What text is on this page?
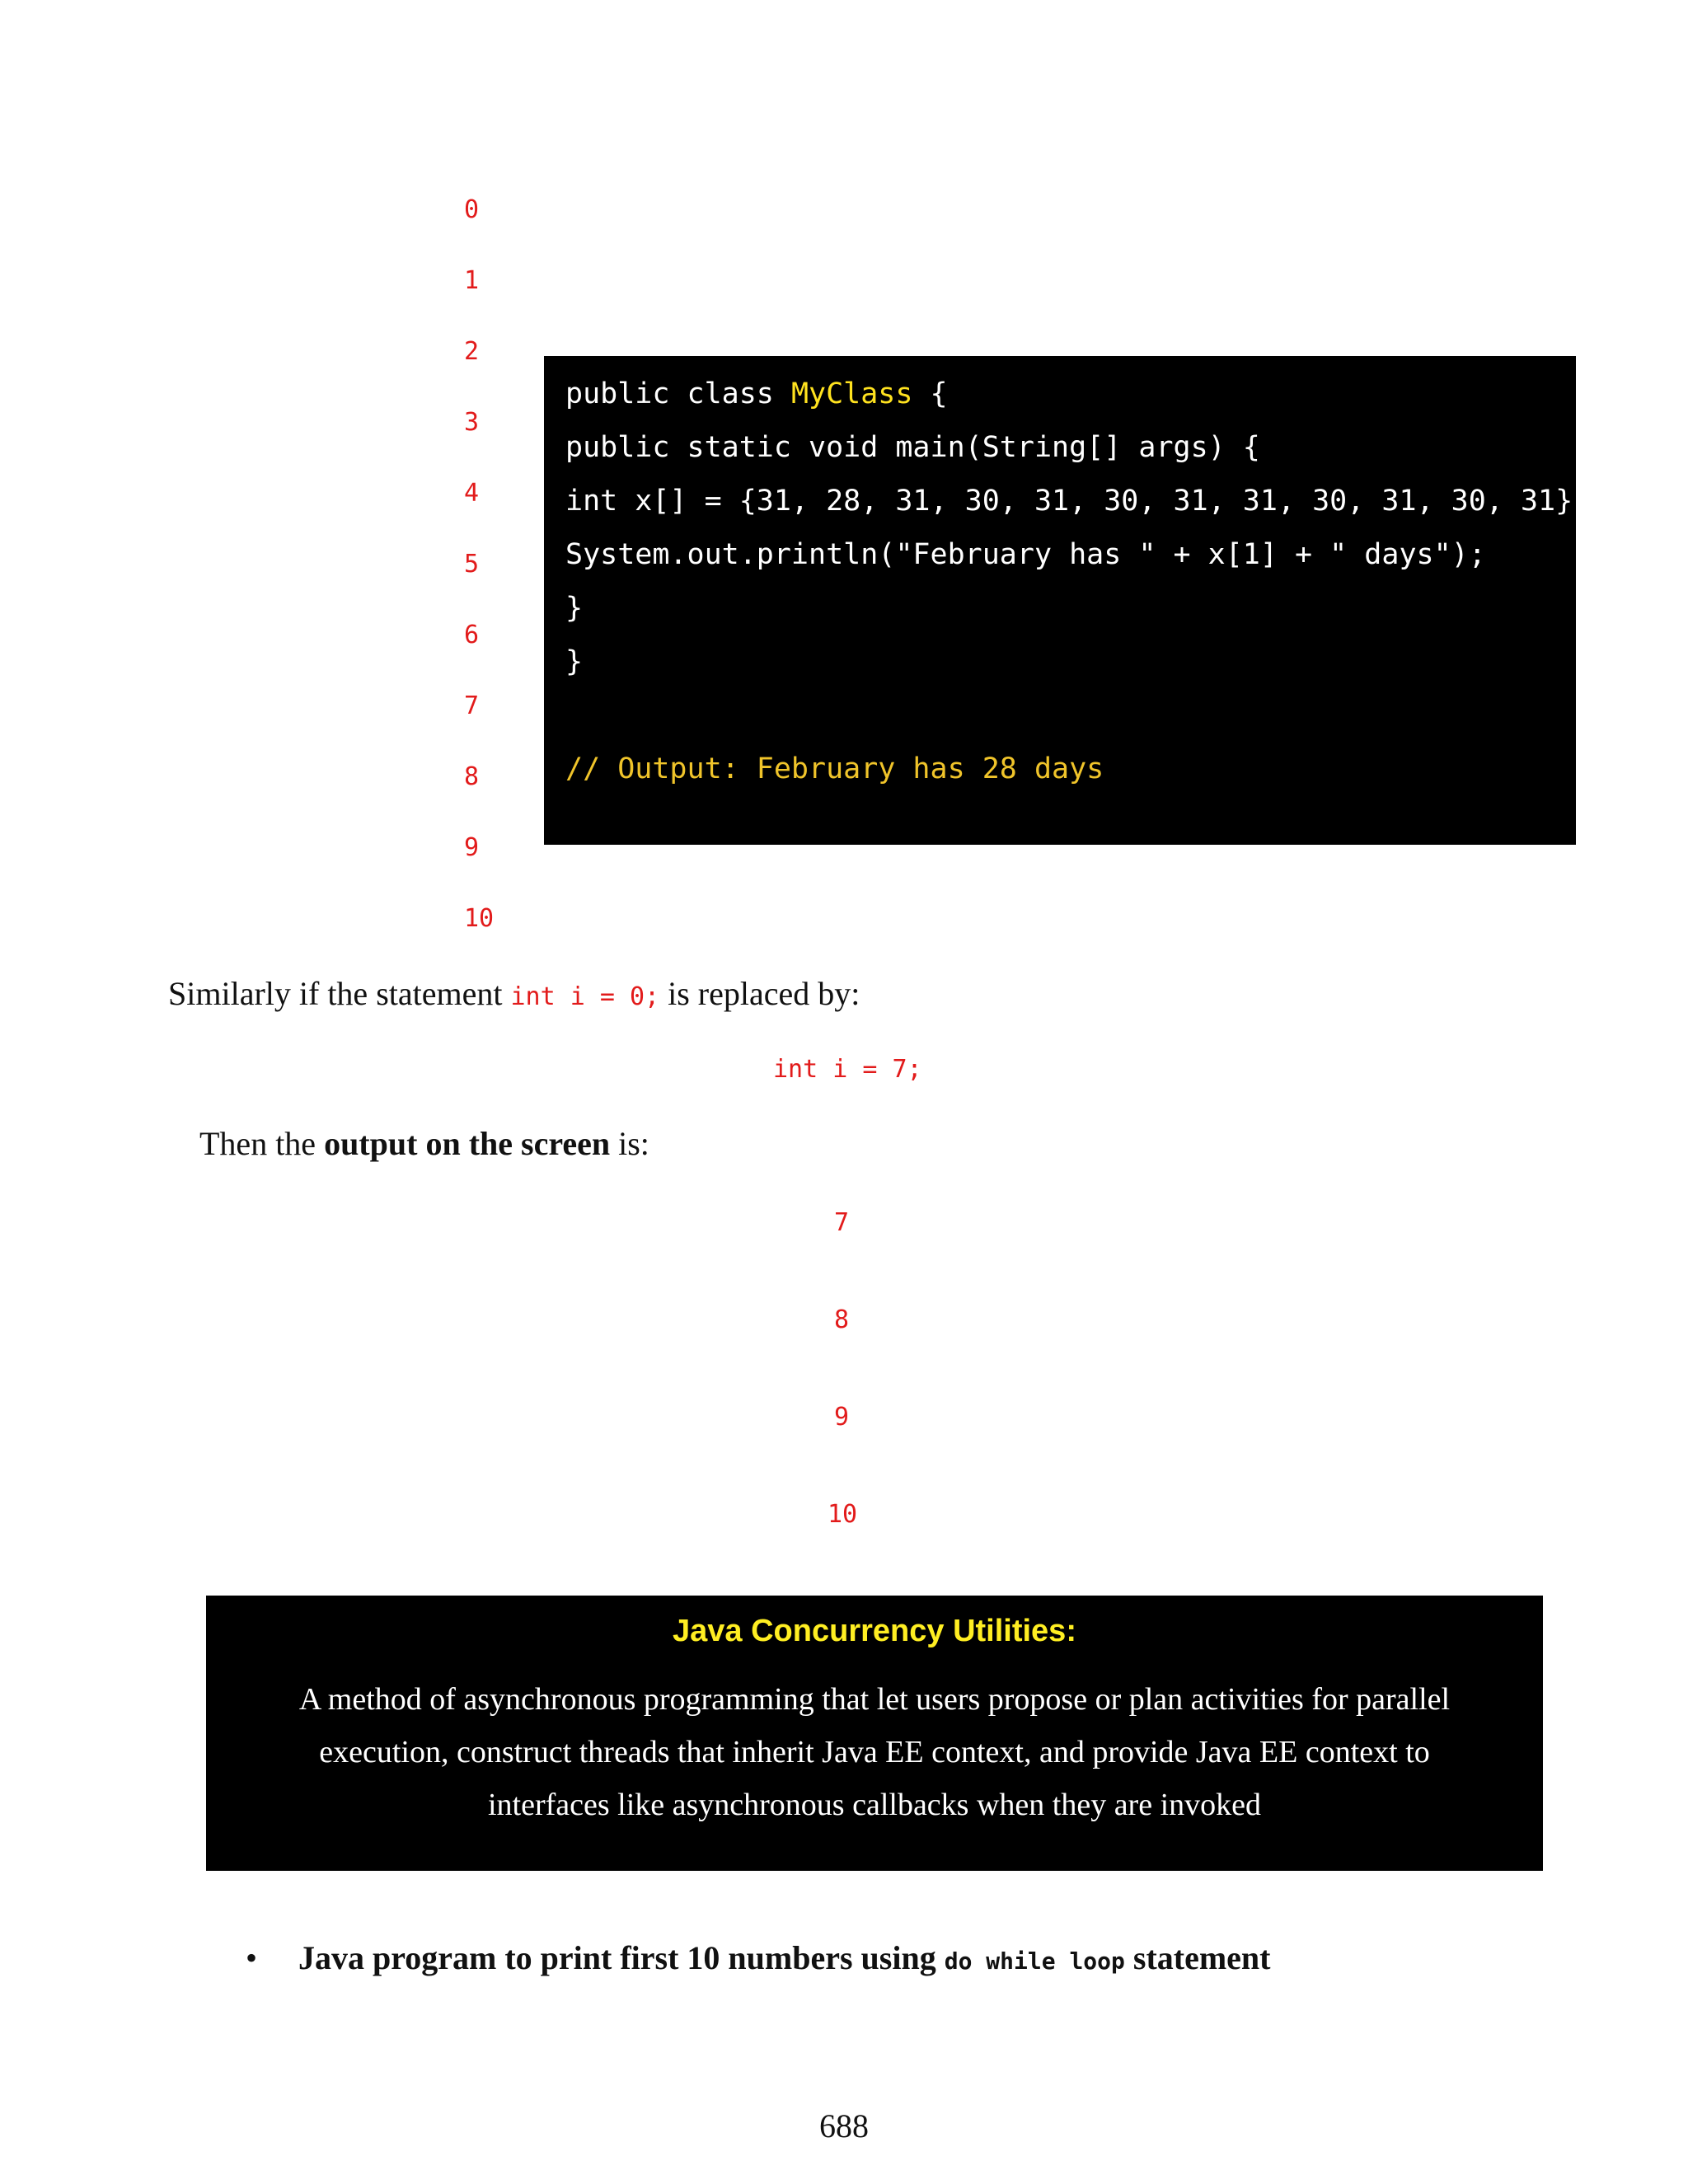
0
1
2
3
4
5
6
7
8
9
10
public class MyClass {
public static void main(String[] args) {
int x[] = {31, 28, 31, 30, 31, 30, 31, 31, 30, 31, 30, 31};
System.out.println("February has " + x[1] + " days");
}
}
// Output: February has 28 days
Similarly if the statement int i = 0; is replaced by:
int i = 7;
Then the output on the screen is:
7
8
9
10
Java Concurrency Utilities:
A method of asynchronous programming that let users propose or plan activities for parallel execution, construct threads that inherit Java EE context, and provide Java EE context to interfaces like asynchronous callbacks when they are invoked
• Java program to print first 10 numbers using do while loop statement
688
